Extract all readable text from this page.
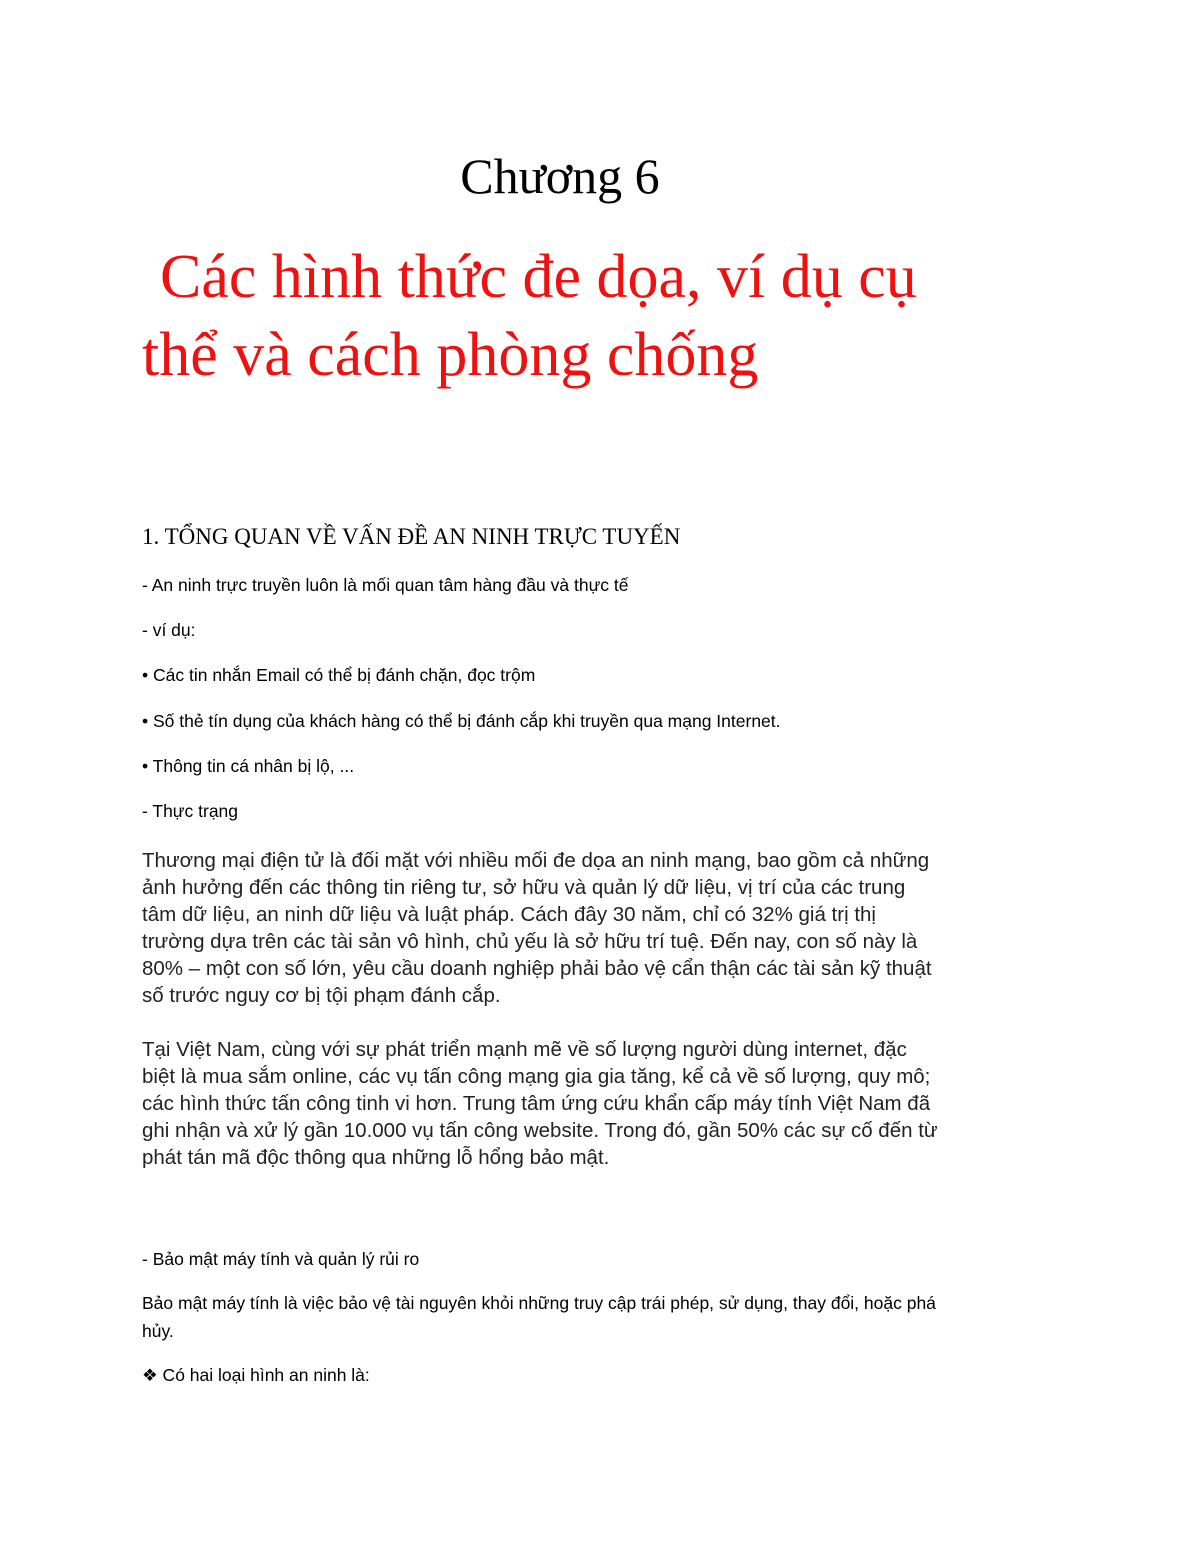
Chương 6
Các hình thức đe dọa, ví dụ cụ
thể và cách phòng chống
1. TỔNG QUAN VỀ VẤN ĐỀ AN NINH TRỰC TUYẾN
- An ninh trực truyền luôn là mối quan tâm hàng đầu và thực tế
- ví dụ:
• Các tin nhắn Email có thể bị đánh chặn, đọc trộm
• Số thẻ tín dụng của khách hàng có thể bị đánh cắp khi truyền qua mạng Internet.
• Thông tin cá nhân bị lộ, ...
- Thực trạng
Thương mại điện tử là đối mặt với nhiều mối đe dọa an ninh mạng, bao gồm cả những
ảnh hưởng đến các thông tin riêng tư, sở hữu và quản lý dữ liệu, vị trí của các trung
tâm dữ liệu, an ninh dữ liệu và luật pháp. Cách đây 30 năm, chỉ có 32% giá trị thị
trường dựa trên các tài sản vô hình, chủ yếu là sở hữu trí tuệ. Đến nay, con số này là
80% – một con số lớn, yêu cầu doanh nghiệp phải bảo vệ cẩn thận các tài sản kỹ thuật
số trước nguy cơ bị tội phạm đánh cắp.
Tại Việt Nam, cùng với sự phát triển mạnh mẽ về số lượng người dùng internet, đặc
biệt là mua sắm online, các vụ tấn công mạng gia gia tăng, kể cả về số lượng, quy mô;
các hình thức tấn công tinh vi hơn. Trung tâm ứng cứu khẩn cấp máy tính Việt Nam đã
ghi nhận và xử lý gần 10.000 vụ tấn công website. Trong đó, gần 50% các sự cố đến từ
phát tán mã độc thông qua những lỗ hổng bảo mật.
- Bảo mật máy tính và quản lý rủi ro
Bảo mật máy tính là việc bảo vệ tài nguyên khỏi những truy cập trái phép, sử dụng, thay đổi, hoặc phá
hủy.
❖ Có hai loại hình an ninh là:
